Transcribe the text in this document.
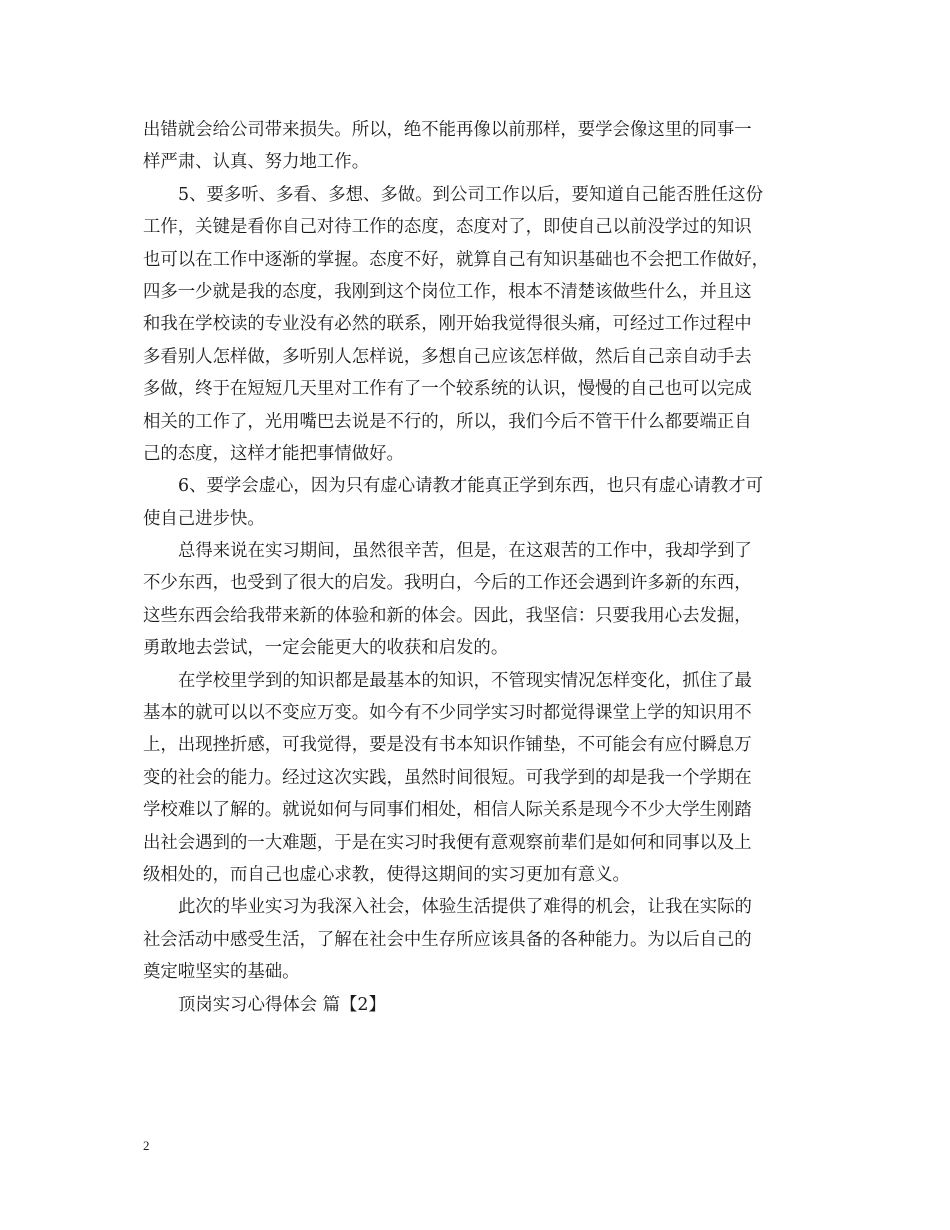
出错就会给公司带来损失。所以，绝不能再像以前那样，要学会像这里的同事一
样严肃、认真、努力地工作。
5、要多听、多看、多想、多做。到公司工作以后，要知道自己能否胜任这份
工作，关键是看你自己对待工作的态度，态度对了，即使自己以前没学过的知识
也可以在工作中逐渐的掌握。态度不好，就算自己有知识基础也不会把工作做好，
四多一少就是我的态度，我刚到这个岗位工作，根本不清楚该做些什么，并且这
和我在学校读的专业没有必然的联系，刚开始我觉得很头痛，可经过工作过程中
多看别人怎样做，多听别人怎样说，多想自己应该怎样做，然后自己亲自动手去
多做，终于在短短几天里对工作有了一个较系统的认识，慢慢的自己也可以完成
相关的工作了，光用嘴巴去说是不行的，所以，我们今后不管干什么都要端正自
己的态度，这样才能把事情做好。
6、要学会虚心，因为只有虚心请教才能真正学到东西，也只有虚心请教才可
使自己进步快。
总得来说在实习期间，虽然很辛苦，但是，在这艰苦的工作中，我却学到了
不少东西，也受到了很大的启发。我明白，今后的工作还会遇到许多新的东西，
这些东西会给我带来新的体验和新的体会。因此，我坚信：只要我用心去发掘，
勇敢地去尝试，一定会能更大的收获和启发的。
在学校里学到的知识都是最基本的知识，不管现实情况怎样变化，抓住了最
基本的就可以以不变应万变。如今有不少同学实习时都觉得课堂上学的知识用不
上，出现挫折感，可我觉得，要是没有书本知识作铺垫，不可能会有应付瞬息万
变的社会的能力。经过这次实践，虽然时间很短。可我学到的却是我一个学期在
学校难以了解的。就说如何与同事们相处，相信人际关系是现今不少大学生刚踏
出社会遇到的一大难题，于是在实习时我便有意观察前辈们是如何和同事以及上
级相处的，而自己也虚心求教，使得这期间的实习更加有意义。
此次的毕业实习为我深入社会，体验生活提供了难得的机会，让我在实际的
社会活动中感受生活，了解在社会中生存所应该具备的各种能力。为以后自己的
奠定啦坚实的基础。
顶岗实习心得体会 篇【2】
2
